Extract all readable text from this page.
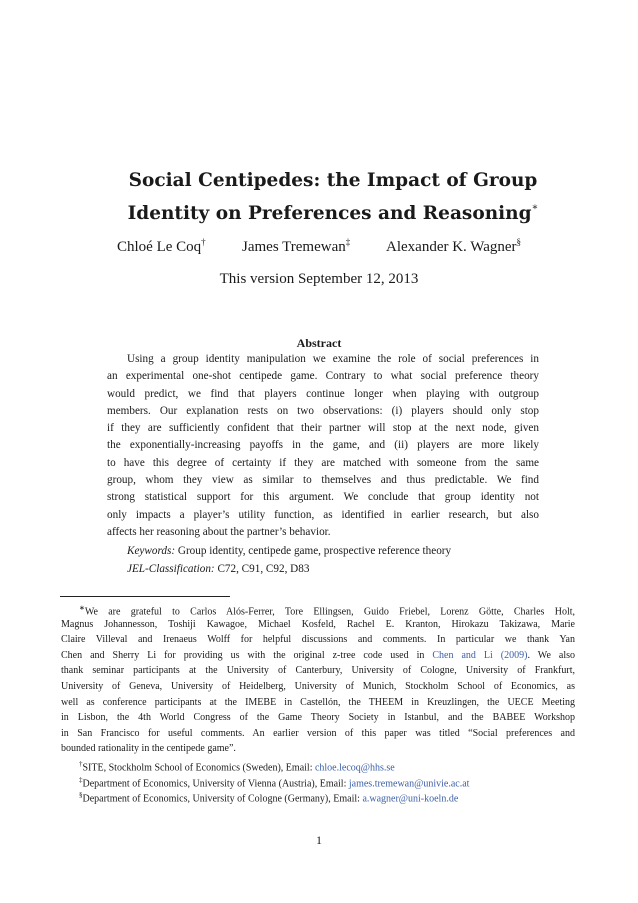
Social Centipedes: the Impact of Group
Identity on Preferences and Reasoning∗
Chloé Le Coq† James Tremewan‡ Alexander K. Wagner§
This version September 12, 2013
Abstract
Using a group identity manipulation we examine the role of social preferences in
an experimental one-shot centipede game. Contrary to what social preference theory
would predict, we find that players continue longer when playing with outgroup
members. Our explanation rests on two observations: (i) players should only stop
if they are sufficiently confident that their partner will stop at the next node, given
the exponentially-increasing payoffs in the game, and (ii) players are more likely
to have this degree of certainty if they are matched with someone from the same
group, whom they view as similar to themselves and thus predictable. We find
strong statistical support for this argument. We conclude that group identity not
only impacts a player’s utility function, as identified in earlier research, but also
affects her reasoning about the partner’s behavior.
Keywords: Group identity, centipede game, prospective reference theory
JEL-Classification: C72, C91, C92, D83
∗We are grateful to Carlos Alós-Ferrer, Tore Ellingsen, Guido Friebel, Lorenz Götte, Charles Holt,
Magnus Johannesson, Toshiji Kawagoe, Michael Kosfeld, Rachel E. Kranton, Hirokazu Takizawa, Marie
Claire Villeval and Irenaeus Wolff for helpful discussions and comments. In particular we thank Yan
Chen and Sherry Li for providing us with the original z-tree code used in Chen and Li (2009). We also
thank seminar participants at the University of Canterbury, University of Cologne, University of Frankfurt,
University of Geneva, University of Heidelberg, University of Munich, Stockholm School of Economics, as
well as conference participants at the IMEBE in Castellón, the THEEM in Kreuzlingen, the UECE Meeting
in Lisbon, the 4th World Congress of the Game Theory Society in Istanbul, and the BABEE Workshop
in San Francisco for useful comments. An earlier version of this paper was titled “Social preferences and
bounded rationality in the centipede game”.
†SITE, Stockholm School of Economics (Sweden), Email: chloe.lecoq@hhs.se
‡Department of Economics, University of Vienna (Austria), Email: james.tremewan@univie.ac.at
§Department of Economics, University of Cologne (Germany), Email: a.wagner@uni-koeln.de
1
